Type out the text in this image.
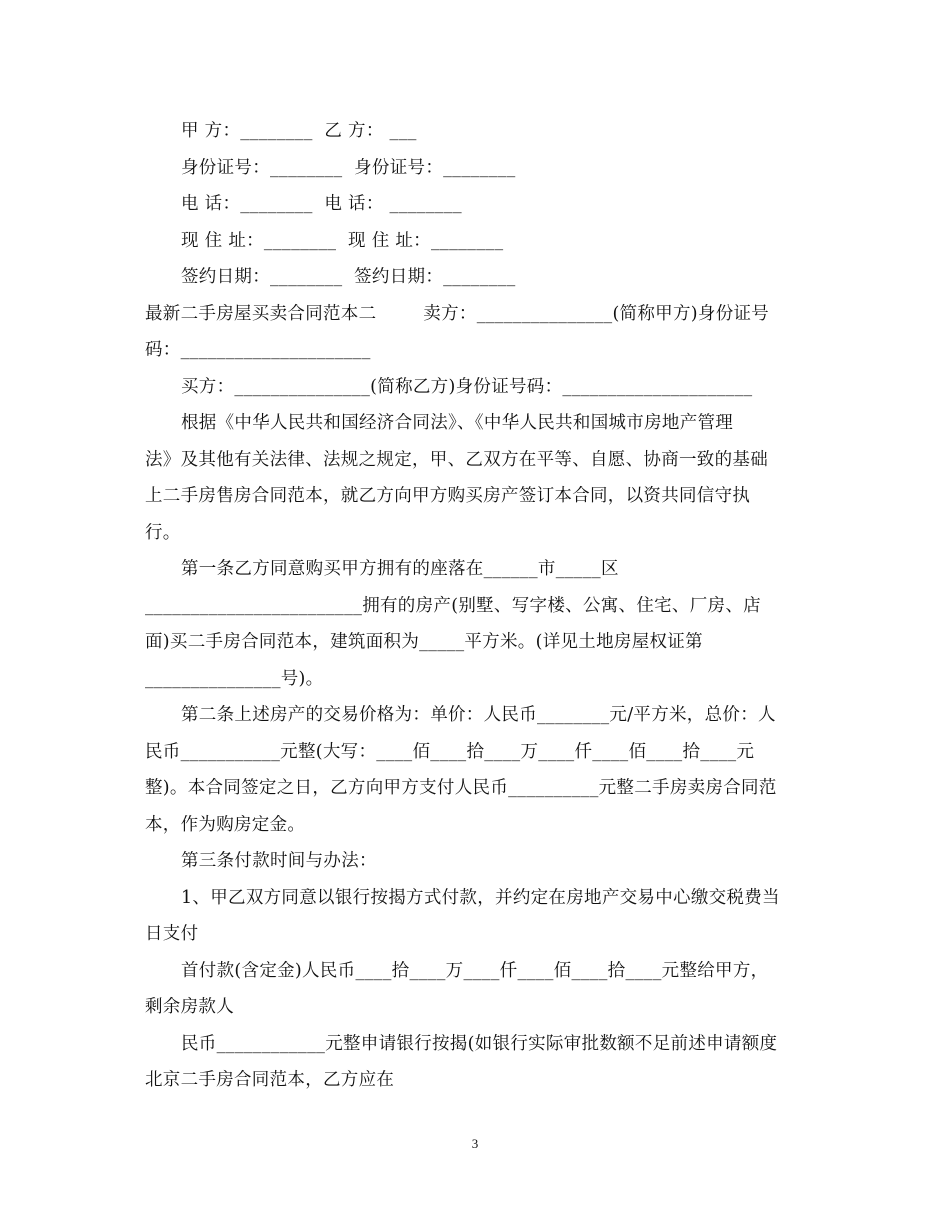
甲 方：________  乙 方： ___

身份证号：________  身份证号：________

电 话：________  电 话： ________

现 住 址：________  现 住 址：________

签约日期：________  签约日期：________

最新二手房屋买卖合同范本二        卖方：_______________(简称甲方)身份证号

码：_____________________

买方：_______________(简称乙方)身份证号码：_____________________

根据《中华人民共和国经济合同法》、《中华人民共和国城市房地产管理

法》及其他有关法律、法规之规定，甲、乙双方在平等、自愿、协商一致的基础

上二手房售房合同范本，就乙方向甲方购买房产签订本合同，以资共同信守执

行。

第一条乙方同意购买甲方拥有的座落在______市_____区

________________________拥有的房产(别墅、写字楼、公寓、住宅、厂房、店

面)买二手房合同范本，建筑面积为_____平方米。(详见土地房屋权证第

_______________号)。

第二条上述房产的交易价格为：单价：人民币________元/平方米，总价：人

民币___________元整(大写：____佰____拾____万____仟____佰____拾____元

整)。本合同签定之日，乙方向甲方支付人民币__________元整二手房卖房合同范

本，作为购房定金。

第三条付款时间与办法：

1、甲乙双方同意以银行按揭方式付款，并约定在房地产交易中心缴交税费当

日支付

首付款(含定金)人民币____拾____万____仟____佰____拾____元整给甲方，

剩余房款人

民币____________元整申请银行按揭(如银行实际审批数额不足前述申请额度

北京二手房合同范本，乙方应在

3
